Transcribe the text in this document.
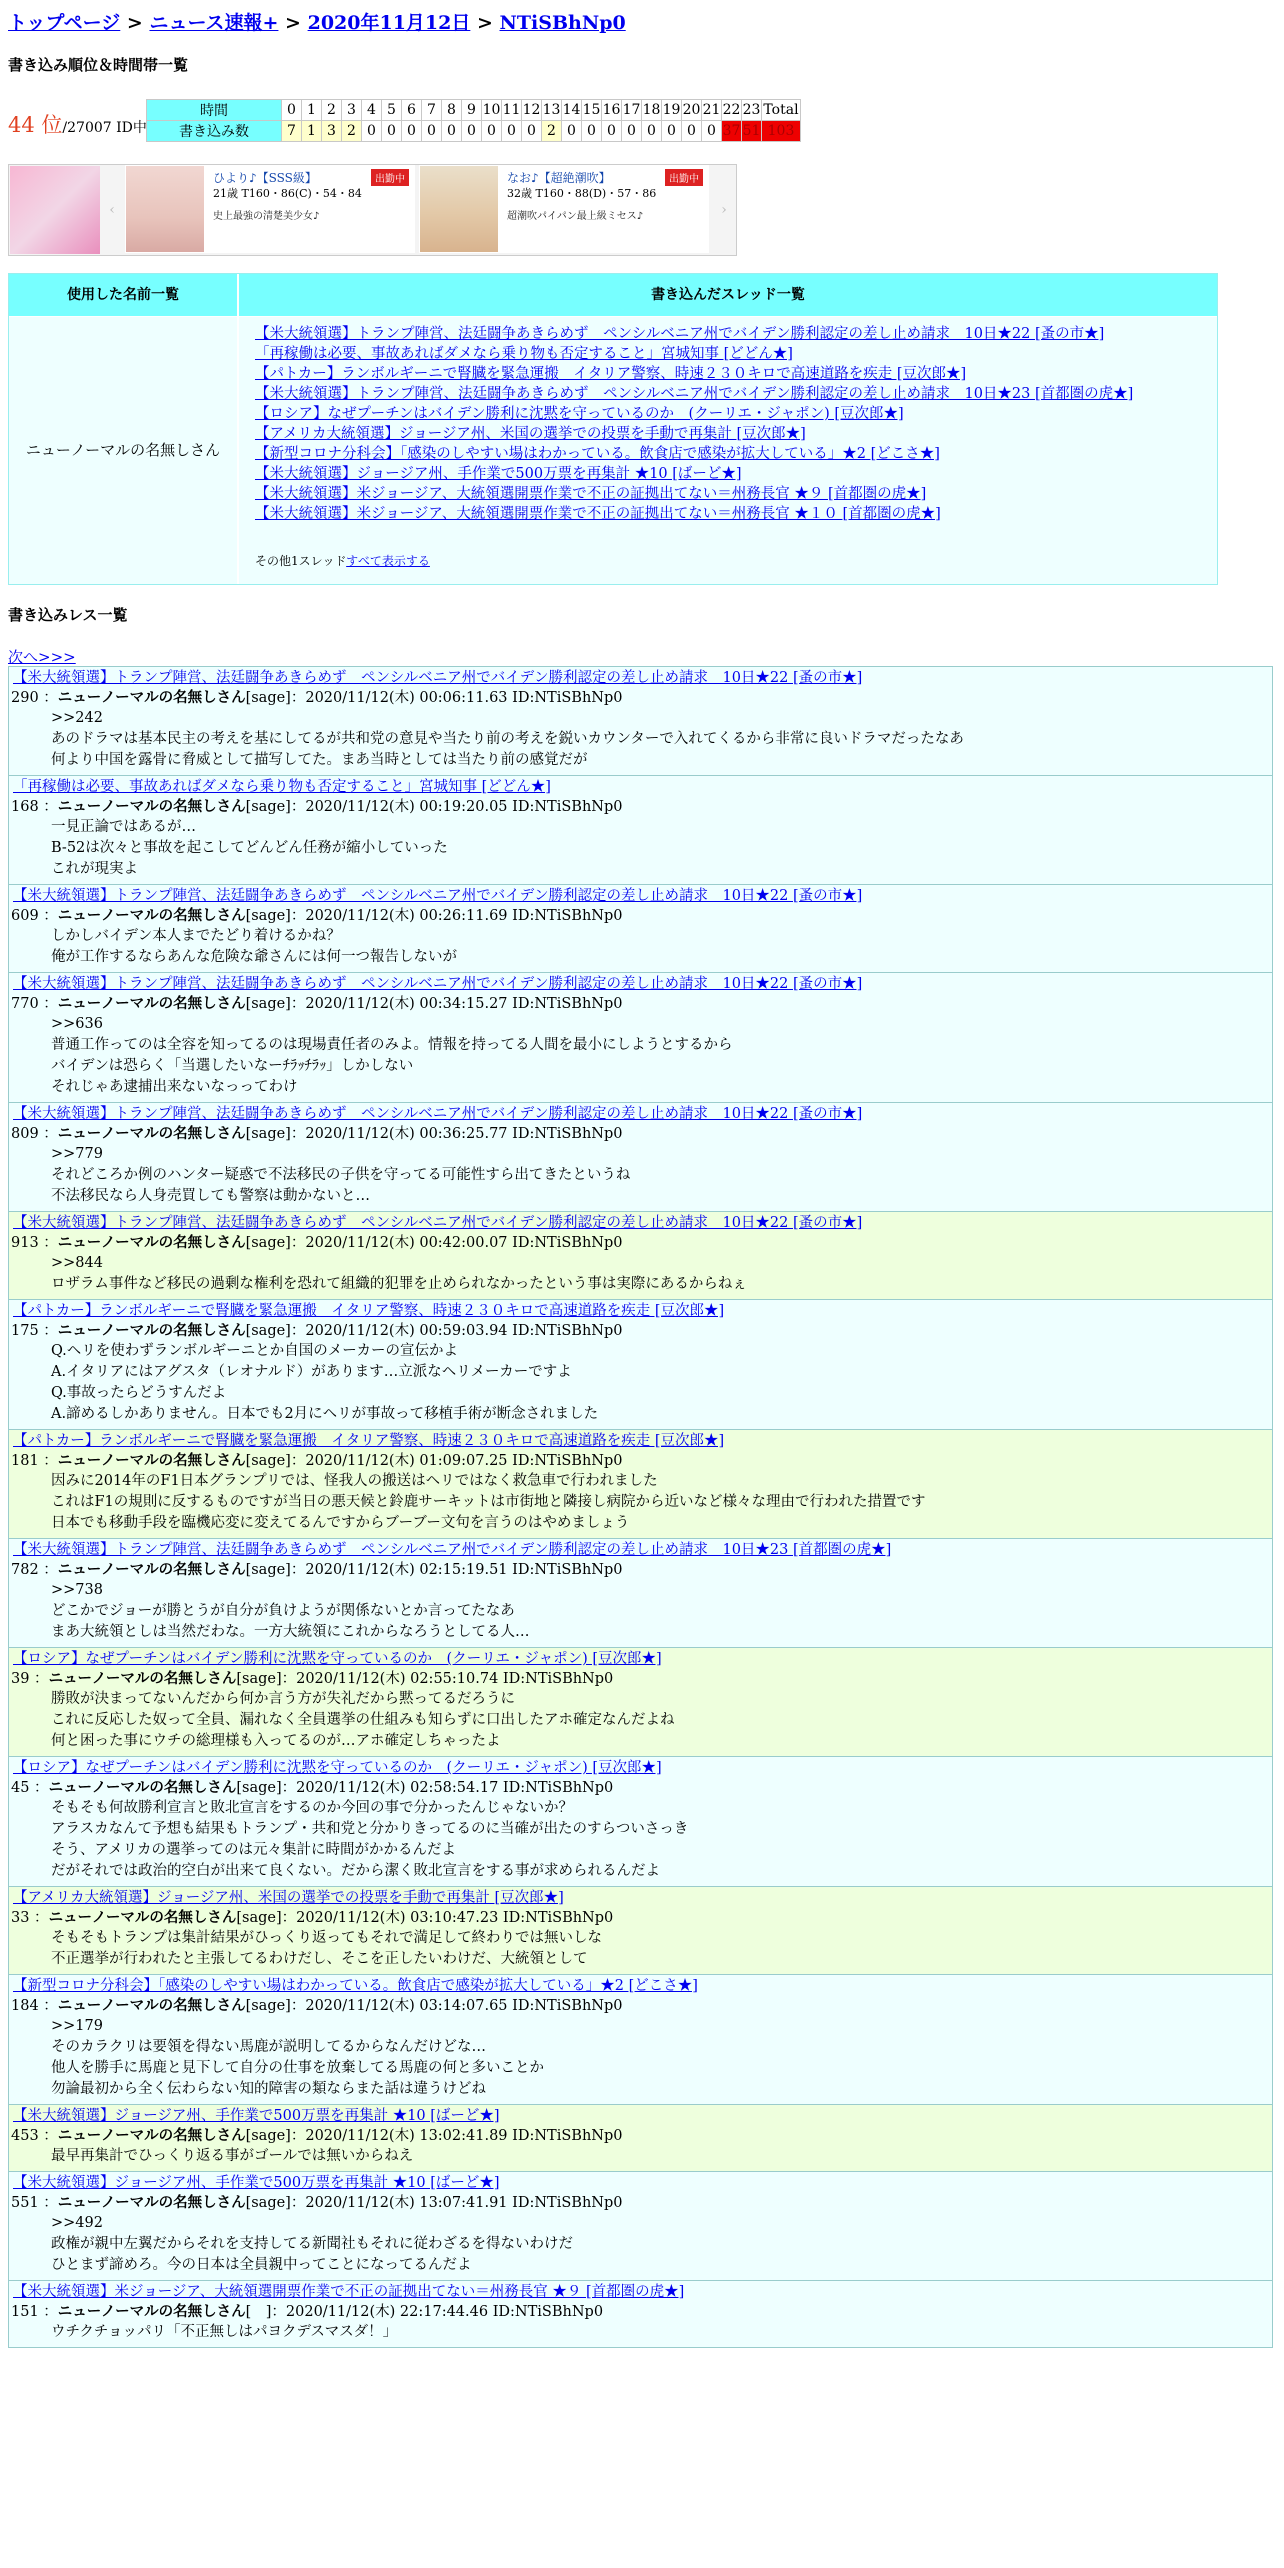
トップページ > ニュース速報+ > 2020年11月12日 > NTiSBhNp0
書き込み順位＆時間帯一覧
44 位/27007 ID中
時間	0	1	2	3	4	5	6	7	8	9	10	11	12	13	14	15	16	17	18	19	20	21	22	23	Total
書き込み数	7	1	3	2	0	0	0	0	0	0	0	0	0	2	0	0	0	0	0	0	0	0	37	51	103
‹
ひより♪【SSS級】	出勤中
21歳 T160・86(C)・54・84
史上最強の清楚美少女♪
なお♪【超絶潮吹】	出勤中
32歳 T160・88(D)・57・86
超潮吹パイパン最上級ミセス♪	›
使用した名前一覧	書き込んだスレッド一覧
ニューノーマルの名無しさん
【米大統領選】トランプ陣営、法廷闘争あきらめず　ペンシルベニア州でバイデン勝利認定の差し止め請求　10日★22 [蚤の市★]
「再稼働は必要、事故あればダメなら乗り物も否定すること」宮城知事 [どどん★]
【パトカー】ランボルギーニで腎臓を緊急運搬　イタリア警察、時速２３０キロで高速道路を疾走 [豆次郎★]
【米大統領選】トランプ陣営、法廷闘争あきらめず　ペンシルベニア州でバイデン勝利認定の差し止め請求　10日★23 [首都圏の虎★]
【ロシア】なぜプーチンはバイデン勝利に沈黙を守っているのか　(クーリエ・ジャポン) [豆次郎★]
【アメリカ大統領選】ジョージア州、米国の選挙での投票を手動で再集計 [豆次郎★]
【新型コロナ分科会】「感染のしやすい場はわかっている。飲食店で感染が拡大している」★2 [どこさ★]
【米大統領選】ジョージア州、手作業で500万票を再集計 ★10 [ばーど★]
【米大統領選】米ジョージア、大統領選開票作業で不正の証拠出てない＝州務長官 ★９ [首都圏の虎★]
【米大統領選】米ジョージア、大統領選開票作業で不正の証拠出てない＝州務長官 ★１０ [首都圏の虎★]
その他1スレッドすべて表示する
書き込みレス一覧
次へ>>>
【米大統領選】トランプ陣営、法廷闘争あきらめず　ペンシルベニア州でバイデン勝利認定の差し止め請求　10日★22 [蚤の市★]
290 ：ニューノーマルの名無しさん[sage]：2020/11/12(木) 00:06:11.63 ID:NTiSBhNp0
>>242
あのドラマは基本民主の考えを基にしてるが共和党の意見や当たり前の考えを鋭いカウンターで入れてくるから非常に良いドラマだったなあ
何より中国を露骨に脅威として描写してた。まあ当時としては当たり前の感覚だが
「再稼働は必要、事故あればダメなら乗り物も否定すること」宮城知事 [どどん★]
168 ：ニューノーマルの名無しさん[sage]：2020/11/12(木) 00:19:20.05 ID:NTiSBhNp0
一見正論ではあるが…
B-52は次々と事故を起こしてどんどん任務が縮小していった
これが現実よ
【米大統領選】トランプ陣営、法廷闘争あきらめず　ペンシルベニア州でバイデン勝利認定の差し止め請求　10日★22 [蚤の市★]
609 ：ニューノーマルの名無しさん[sage]：2020/11/12(木) 00:26:11.69 ID:NTiSBhNp0
しかしバイデン本人までたどり着けるかね？
俺が工作するならあんな危険な爺さんには何一つ報告しないが
【米大統領選】トランプ陣営、法廷闘争あきらめず　ペンシルベニア州でバイデン勝利認定の差し止め請求　10日★22 [蚤の市★]
770 ：ニューノーマルの名無しさん[sage]：2020/11/12(木) 00:34:15.27 ID:NTiSBhNp0
>>636
普通工作ってのは全容を知ってるのは現場責任者のみよ。情報を持ってる人間を最小にしようとするから
バイデンは恐らく「当選したいなーﾁﾗｯﾁﾗｯ」しかしない
それじゃあ逮捕出来ないなっってわけ
【米大統領選】トランプ陣営、法廷闘争あきらめず　ペンシルベニア州でバイデン勝利認定の差し止め請求　10日★22 [蚤の市★]
809 ：ニューノーマルの名無しさん[sage]：2020/11/12(木) 00:36:25.77 ID:NTiSBhNp0
>>779
それどころか例のハンター疑惑で不法移民の子供を守ってる可能性すら出てきたというね
不法移民なら人身売買しても警察は動かないと…
【米大統領選】トランプ陣営、法廷闘争あきらめず　ペンシルベニア州でバイデン勝利認定の差し止め請求　10日★22 [蚤の市★]
913 ：ニューノーマルの名無しさん[sage]：2020/11/12(木) 00:42:00.07 ID:NTiSBhNp0
>>844
ロザラム事件など移民の過剰な権利を恐れて組織的犯罪を止められなかったという事は実際にあるからねぇ
【パトカー】ランボルギーニで腎臓を緊急運搬　イタリア警察、時速２３０キロで高速道路を疾走 [豆次郎★]
175 ：ニューノーマルの名無しさん[sage]：2020/11/12(木) 00:59:03.94 ID:NTiSBhNp0
Q.ヘリを使わずランボルギーニとか自国のメーカーの宣伝かよ
A.イタリアにはアグスタ（レオナルド）があります…立派なヘリメーカーですよ
Q.事故ったらどうすんだよ
A.諦めるしかありません。日本でも2月にヘリが事故って移植手術が断念されました
【パトカー】ランボルギーニで腎臓を緊急運搬　イタリア警察、時速２３０キロで高速道路を疾走 [豆次郎★]
181 ：ニューノーマルの名無しさん[sage]：2020/11/12(木) 01:09:07.25 ID:NTiSBhNp0
因みに2014年のF1日本グランプリでは、怪我人の搬送はヘリではなく救急車で行われました
これはF1の規則に反するものですが当日の悪天候と鈴鹿サーキットは市街地と隣接し病院から近いなど様々な理由で行われた措置です
日本でも移動手段を臨機応変に変えてるんですからブーブー文句を言うのはやめましょう
【米大統領選】トランプ陣営、法廷闘争あきらめず　ペンシルベニア州でバイデン勝利認定の差し止め請求　10日★23 [首都圏の虎★]
782 ：ニューノーマルの名無しさん[sage]：2020/11/12(木) 02:15:19.51 ID:NTiSBhNp0
>>738
どこかでジョーが勝とうが自分が負けようが関係ないとか言ってたなあ
まあ大統領としは当然だわな。一方大統領にこれからなろうとしてる人…
【ロシア】なぜプーチンはバイデン勝利に沈黙を守っているのか　(クーリエ・ジャポン) [豆次郎★]
39 ：ニューノーマルの名無しさん[sage]：2020/11/12(木) 02:55:10.74 ID:NTiSBhNp0
勝敗が決まってないんだから何か言う方が失礼だから黙ってるだろうに
これに反応した奴って全員、漏れなく全員選挙の仕組みも知らずに口出したアホ確定なんだよね
何と困った事にウチの総理様も入ってるのが…アホ確定しちゃったよ
【ロシア】なぜプーチンはバイデン勝利に沈黙を守っているのか　(クーリエ・ジャポン) [豆次郎★]
45 ：ニューノーマルの名無しさん[sage]：2020/11/12(木) 02:58:54.17 ID:NTiSBhNp0
そもそも何故勝利宣言と敗北宣言をするのか今回の事で分かったんじゃないか？
アラスカなんて予想も結果もトランプ・共和党と分かりきってるのに当確が出たのすらついさっき
そう、アメリカの選挙ってのは元々集計に時間がかかるんだよ
だがそれでは政治的空白が出来て良くない。だから潔く敗北宣言をする事が求められるんだよ
【アメリカ大統領選】ジョージア州、米国の選挙での投票を手動で再集計 [豆次郎★]
33 ：ニューノーマルの名無しさん[sage]：2020/11/12(木) 03:10:47.23 ID:NTiSBhNp0
そもそもトランプは集計結果がひっくり返ってもそれで満足して終わりでは無いしな
不正選挙が行われたと主張してるわけだし、そこを正したいわけだ、大統領として
【新型コロナ分科会】「感染のしやすい場はわかっている。飲食店で感染が拡大している」★2 [どこさ★]
184 ：ニューノーマルの名無しさん[sage]：2020/11/12(木) 03:14:07.65 ID:NTiSBhNp0
>>179
そのカラクリは要領を得ない馬鹿が説明してるからなんだけどな…
他人を勝手に馬鹿と見下して自分の仕事を放棄してる馬鹿の何と多いことか
勿論最初から全く伝わらない知的障害の類ならまた話は違うけどね
【米大統領選】ジョージア州、手作業で500万票を再集計 ★10 [ばーど★]
453 ：ニューノーマルの名無しさん[sage]：2020/11/12(木) 13:02:41.89 ID:NTiSBhNp0
最早再集計でひっくり返る事がゴールでは無いからねえ
【米大統領選】ジョージア州、手作業で500万票を再集計 ★10 [ばーど★]
551 ：ニューノーマルの名無しさん[sage]：2020/11/12(木) 13:07:41.91 ID:NTiSBhNp0
>>492
政権が親中左翼だからそれを支持してる新聞社もそれに従わざるを得ないわけだ
ひとまず諦めろ。今の日本は全員親中ってことになってるんだよ
【米大統領選】米ジョージア、大統領選開票作業で不正の証拠出てない＝州務長官 ★９ [首都圏の虎★]
151 ：ニューノーマルの名無しさん[　]：2020/11/12(木) 22:17:44.46 ID:NTiSBhNp0
ウチクチョッパリ「不正無しはパヨクデスマスダ！」
